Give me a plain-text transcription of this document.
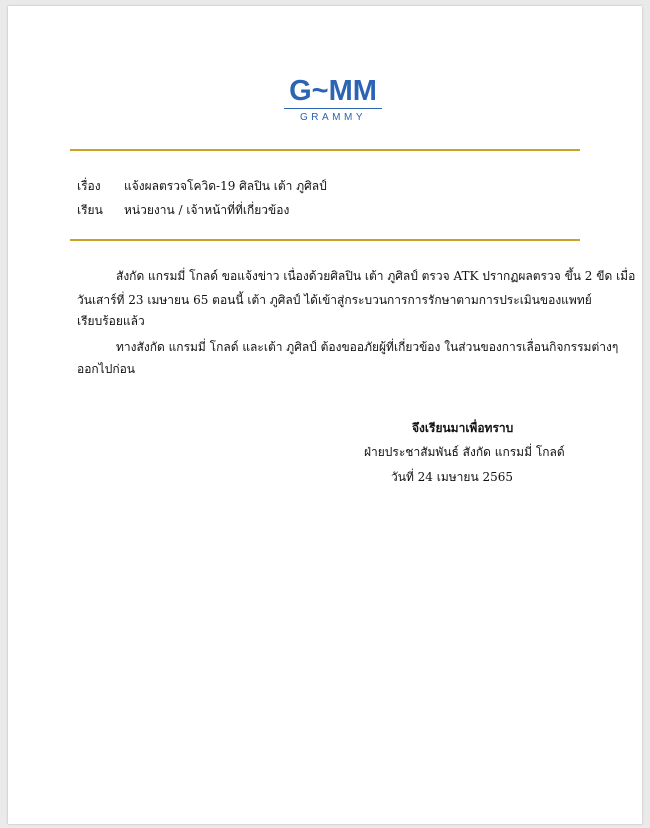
G~MM
GRAMMY
เรื่อง แจ้งผลตรวจโควิด-19 ศิลปิน เต้า ภูศิลป์
เรียน หน่วยงาน / เจ้าหน้าที่ที่เกี่ยวข้อง
สังกัด แกรมมี่ โกลด์ ขอแจ้งข่าว เนื่องด้วยศิลปิน เต้า ภูศิลป์ ตรวจ ATK ปรากฏผลตรวจ ขึ้น 2 ขีด เมื่อ
วันเสาร์ที่ 23 เมษายน 65 ตอนนี้ เต้า ภูศิลป์ ได้เข้าสู่กระบวนการการรักษาตามการประเมินของแพทย์
เรียบร้อยแล้ว
ทางสังกัด แกรมมี่ โกลด์ และเต้า ภูศิลป์ ต้องขออภัยผู้ที่เกี่ยวข้อง ในส่วนของการเลื่อนกิจกรรมต่างๆ
ออกไปก่อน
จึงเรียนมาเพื่อทราบ
ฝ่ายประชาสัมพันธ์ สังกัด แกรมมี่ โกลด์
วันที่ 24 เมษายน 2565
